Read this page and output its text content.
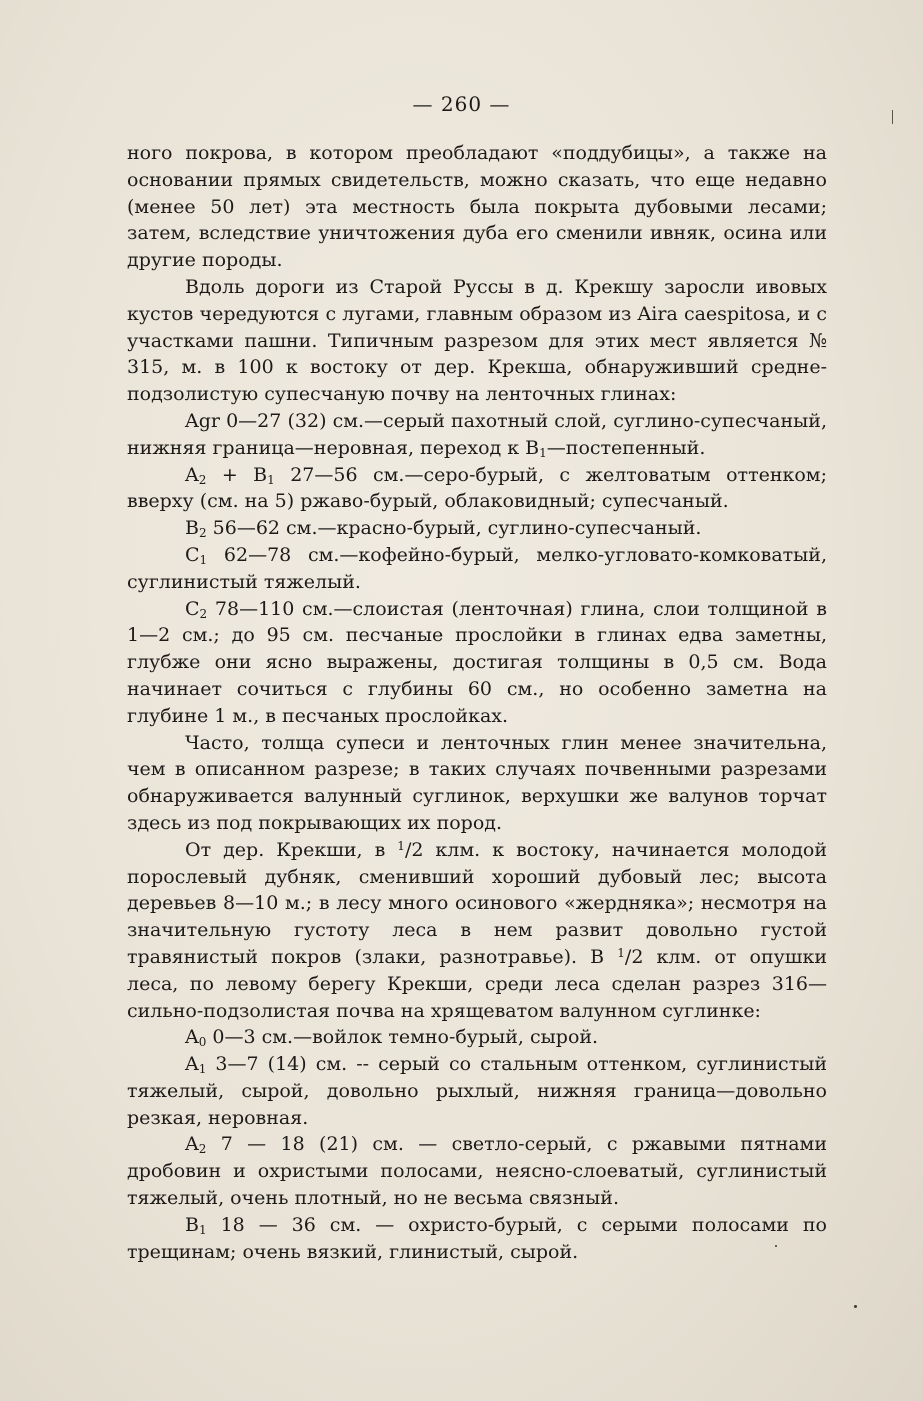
— 260 —

ного покрова, в котором преобладают «поддубицы», а также на основании прямых свидетельств, можно сказать, что еще недавно (менее 50 лет) эта местность была покрыта дубовыми лесами; затем, вследствие уничтожения дуба его сменили ивняк, осина или другие породы.

Вдоль дороги из Старой Руссы в д. Крекшу заросли ивовых кустов чередуются с лугами, главным образом из Aira caespitosa, и с участками пашни. Типичным разрезом для этих мест является № 315, м. в 100 к востоку от дер. Крекша, обнаруживший средне-подзолистую супесчаную почву на ленточных глинах:

Agr 0—27 (32) см.—серый пахотный слой, суглино-супесчаный, нижняя граница—неровная, переход к $B_1—постепенный$.

$A_2 + B_1$ 27—56 см.—серо-бурый, с желтоватым оттенком; вверху (см. на 5) ржаво-бурый, облаковидный; супесчаный.

$B_2$ 56—62 см.—красно-бурый, суглино-супесчаный.

$C_1$ 62—78 см.—кофейно-бурый, мелко-угловато-комковатый, суглинистый тяжелый.

$C_2$ 78—110 см.—слоистая (ленточная) глина, слои толщиной в 1—2 см.; до 95 см. песчаные прослойки в глинах едва заметны, глубже они ясно выражены, достигая толщины в 0,5 см. Вода начинает сочиться с глубины 60 см., но особенно заметна на глубине 1 м., в песчаных прослойках.

Часто, толща супеси и ленточных глин менее значительна, чем в описанном разрезе; в таких случаях почвенными разрезами обнаруживается валунный суглинок, верхушки же валунов торчат здесь из под покрывающих их пород.

От дер. Крекши, в $^1$/2 клм. к востоку, начинается молодой порослевый дубняк, сменивший хороший дубовый лес; высота деревьев 8—10 м.; в лесу много осинового «жердняка»; несмотря на значительную густоту леса в нем развит довольно густой травянистый покров (злаки, разнотравье). В $^1$/2 клм. от опушки леса, по левому берегу Крекши, среди леса сделан разрез 316—сильно-подзолистая почва на хрящеватом валунном суглинке:

$A_0$ 0—3 см.—войлок темно-бурый, сырой.

$A_1$ 3—7 (14) см. -- серый со стальным оттенком, суглинистый тяжелый, сырой, довольно рыхлый, нижняя граница—довольно резкая, неровная.

$A_2$ 7 — 18 (21) см. — светло-серый, с ржавыми пятнами дробовин и охристыми полосами, неясно-слоеватый, суглинистый тяжелый, очень плотный, но не весьма связный.

$B_1$ 18 — 36 см. — охристо-бурый, с серыми полосами по трещинам; очень вязкий, глинистый, сырой.
